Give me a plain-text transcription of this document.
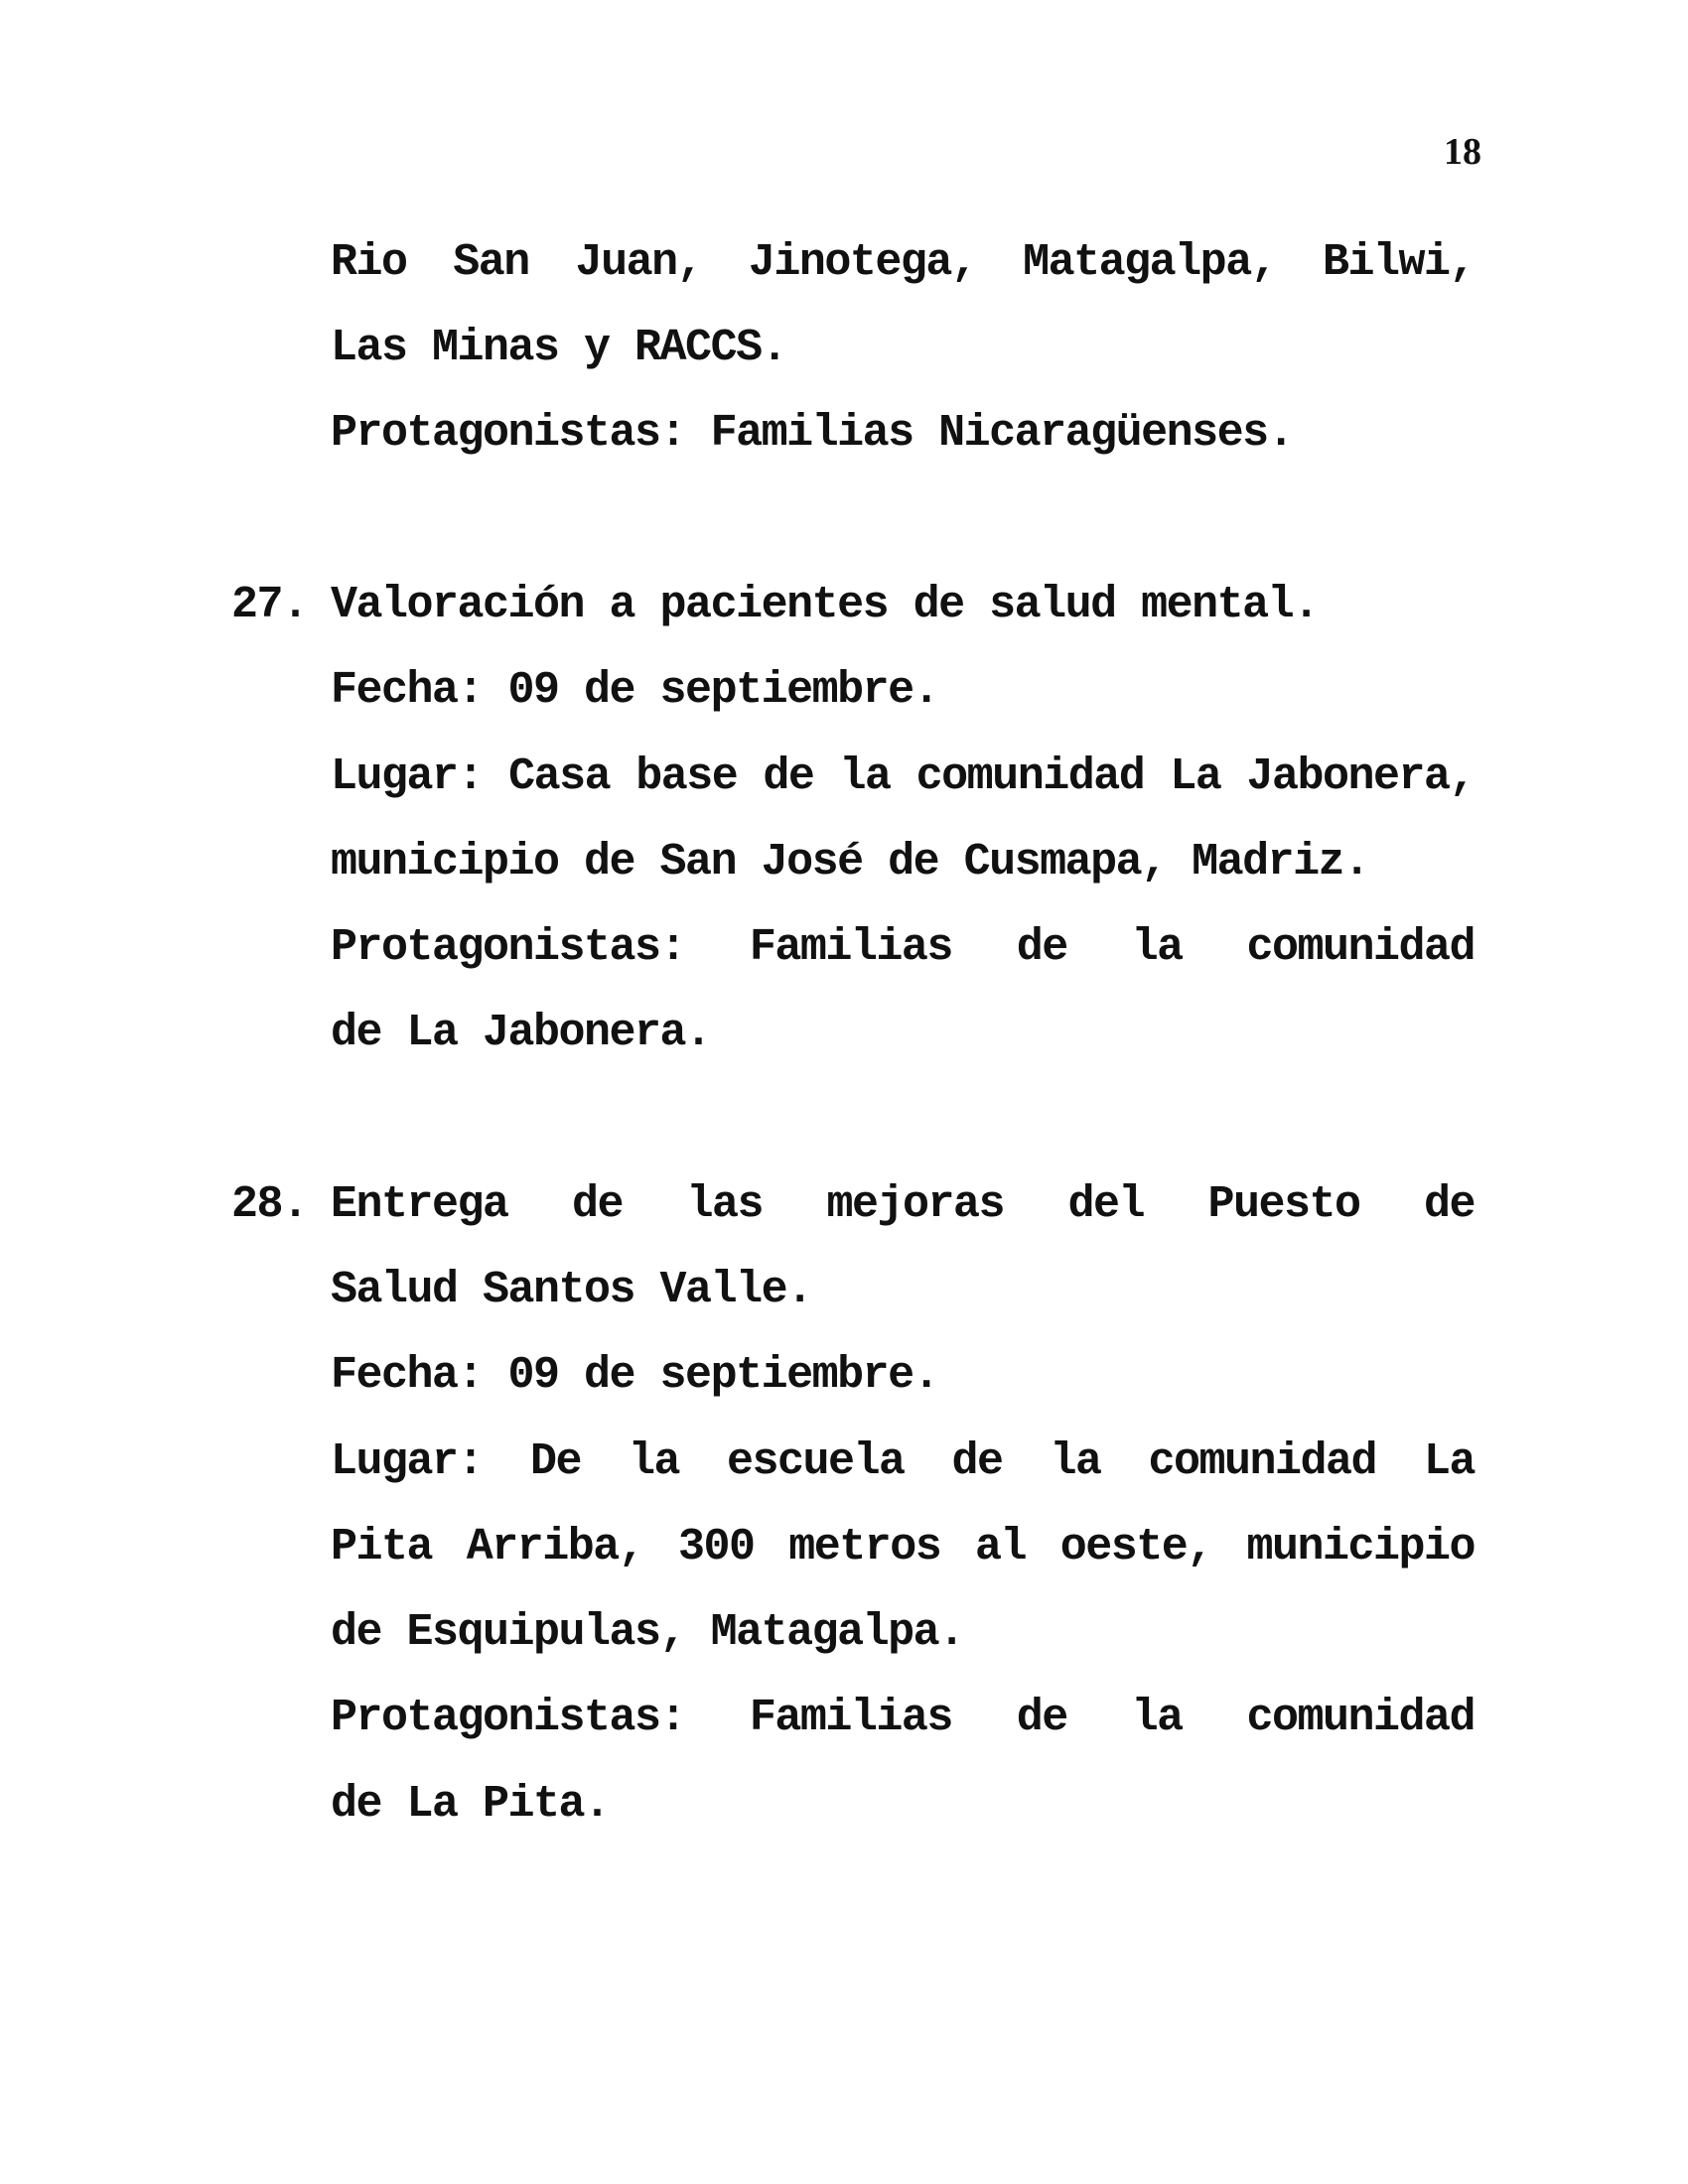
18
Rio San Juan, Jinotega, Matagalpa, Bilwi,
Las Minas y RACCS.
Protagonistas: Familias Nicaragüenses.
27. Valoración a pacientes de salud mental.
Fecha: 09 de septiembre.
Lugar: Casa base de la comunidad La Jabonera,
municipio de San José de Cusmapa, Madriz.
Protagonistas: Familias de la comunidad
de La Jabonera.
28. Entrega de las mejoras del Puesto de
Salud Santos Valle.
Fecha: 09 de septiembre.
Lugar: De la escuela de la comunidad La
Pita Arriba, 300 metros al oeste, municipio
de Esquipulas, Matagalpa.
Protagonistas: Familias de la comunidad
de La Pita.
